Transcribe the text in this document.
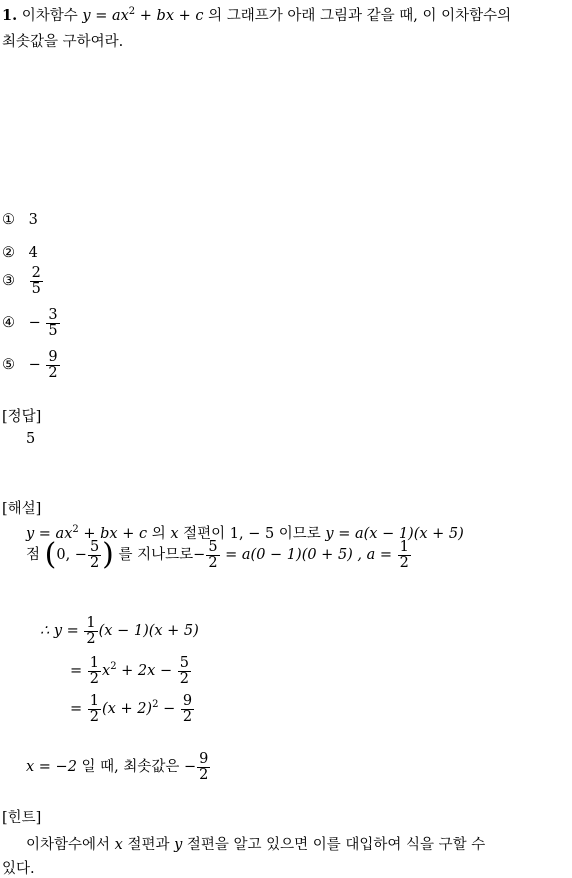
1. 이차함수 $y = ax^2$ + bx + c 의 그래프가 아래 그림과 같을 때, 이 이차함수의
최솟값을 구하여라.
① 3
② 4
③ $\frac{2}{5}$
④ − $\frac{3}{5}$
⑤ − $\frac{9}{2}$
[정답]
5
[해설]
$y = ax^2$ + bx + c 의 x 절편이 1, − 5 이므로 y = a(x − 1)(x + 5)
점 (0, − $\frac{5}{2}$ ) 를 지나므로− $\frac{5}{2} = a(0 - 1)(0 + 5)$ , $a = \frac{1}{2}$
∴ $y = \frac{1}{2} (x - 1)(x + 5)$
= $\frac{1}{2} x^2 + 2x - \frac{5}{2}$
= $\frac{1}{2} (x + 2)^2 - \frac{9}{2}$
x = −2 일 때, 최솟값은 − $\frac{9}{2}$
[힌트]
이차함수에서 x 절편과 y 절편을 알고 있으면 이를 대입하여 식을 구할 수
있다.
